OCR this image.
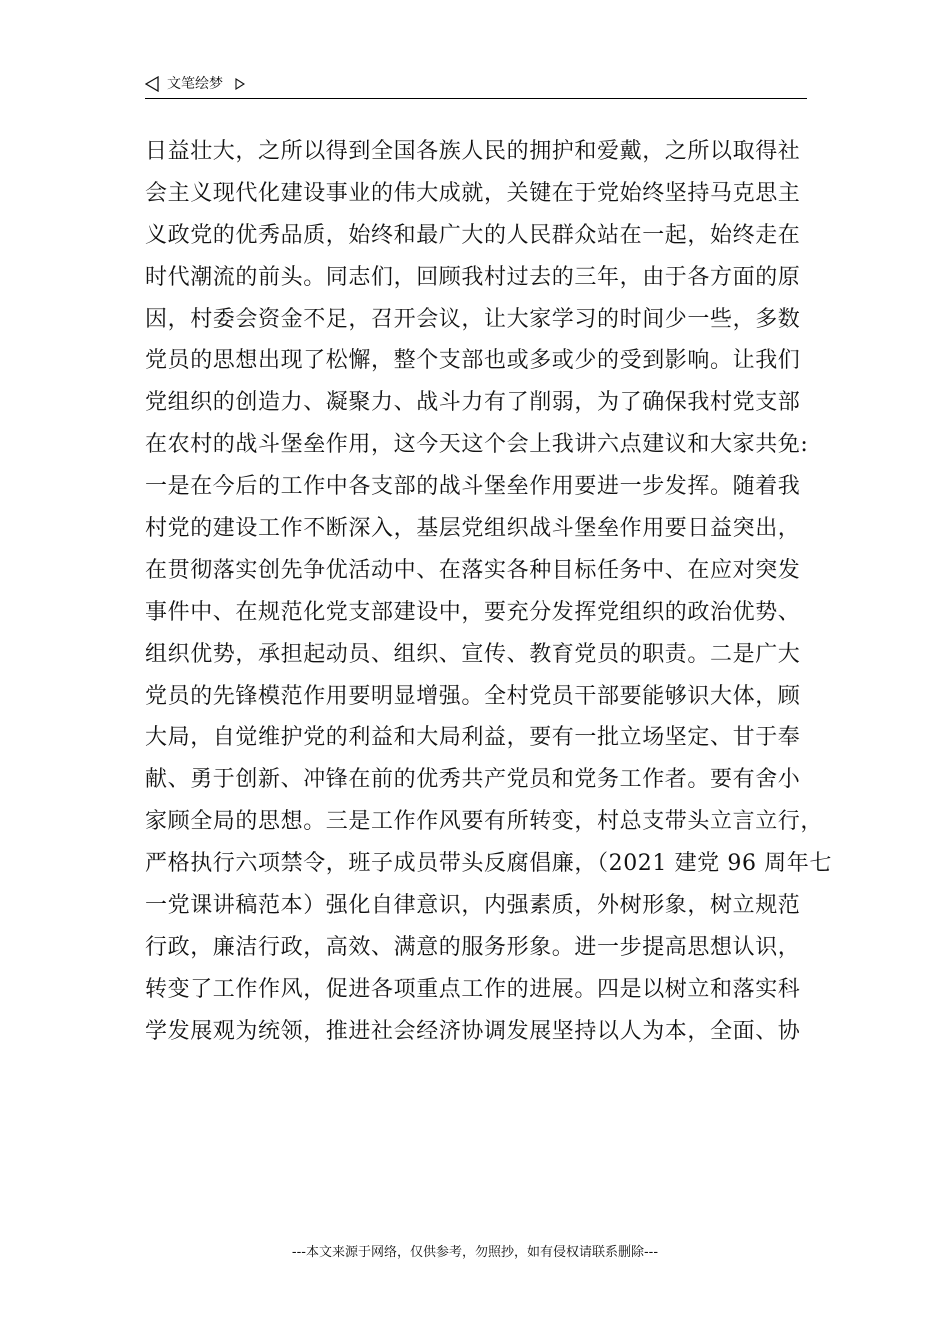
文笔绘梦
日益壮大，之所以得到全国各族人民的拥护和爱戴，之所以取得社
会主义现代化建设事业的伟大成就，关键在于党始终坚持马克思主
义政党的优秀品质，始终和最广大的人民群众站在一起，始终走在
时代潮流的前头。同志们，回顾我村过去的三年，由于各方面的原
因，村委会资金不足，召开会议，让大家学习的时间少一些，多数
党员的思想出现了松懈，整个支部也或多或少的受到影响。让我们
党组织的创造力、凝聚力、战斗力有了削弱，为了确保我村党支部
在农村的战斗堡垒作用，这今天这个会上我讲六点建议和大家共免:
一是在今后的工作中各支部的战斗堡垒作用要进一步发挥。随着我
村党的建设工作不断深入，基层党组织战斗堡垒作用要日益突出，
在贯彻落实创先争优活动中、在落实各种目标任务中、在应对突发
事件中、在规范化党支部建设中，要充分发挥党组织的政治优势、
组织优势，承担起动员、组织、宣传、教育党员的职责。二是广大
党员的先锋模范作用要明显增强。全村党员干部要能够识大体，顾
大局，自觉维护党的利益和大局利益，要有一批立场坚定、甘于奉
献、勇于创新、冲锋在前的优秀共产党员和党务工作者。要有舍小
家顾全局的思想。三是工作作风要有所转变，村总支带头立言立行，
严格执行六项禁令，班子成员带头反腐倡廉，（2021 建党 96 周年七
一党课讲稿范本）强化自律意识，内强素质，外树形象，树立规范
行政，廉洁行政，高效、满意的服务形象。进一步提高思想认识，
转变了工作作风，促进各项重点工作的进展。四是以树立和落实科
学发展观为统领，推进社会经济协调发展坚持以人为本，全面、协
---本文来源于网络，仅供参考，勿照抄，如有侵权请联系删除---
